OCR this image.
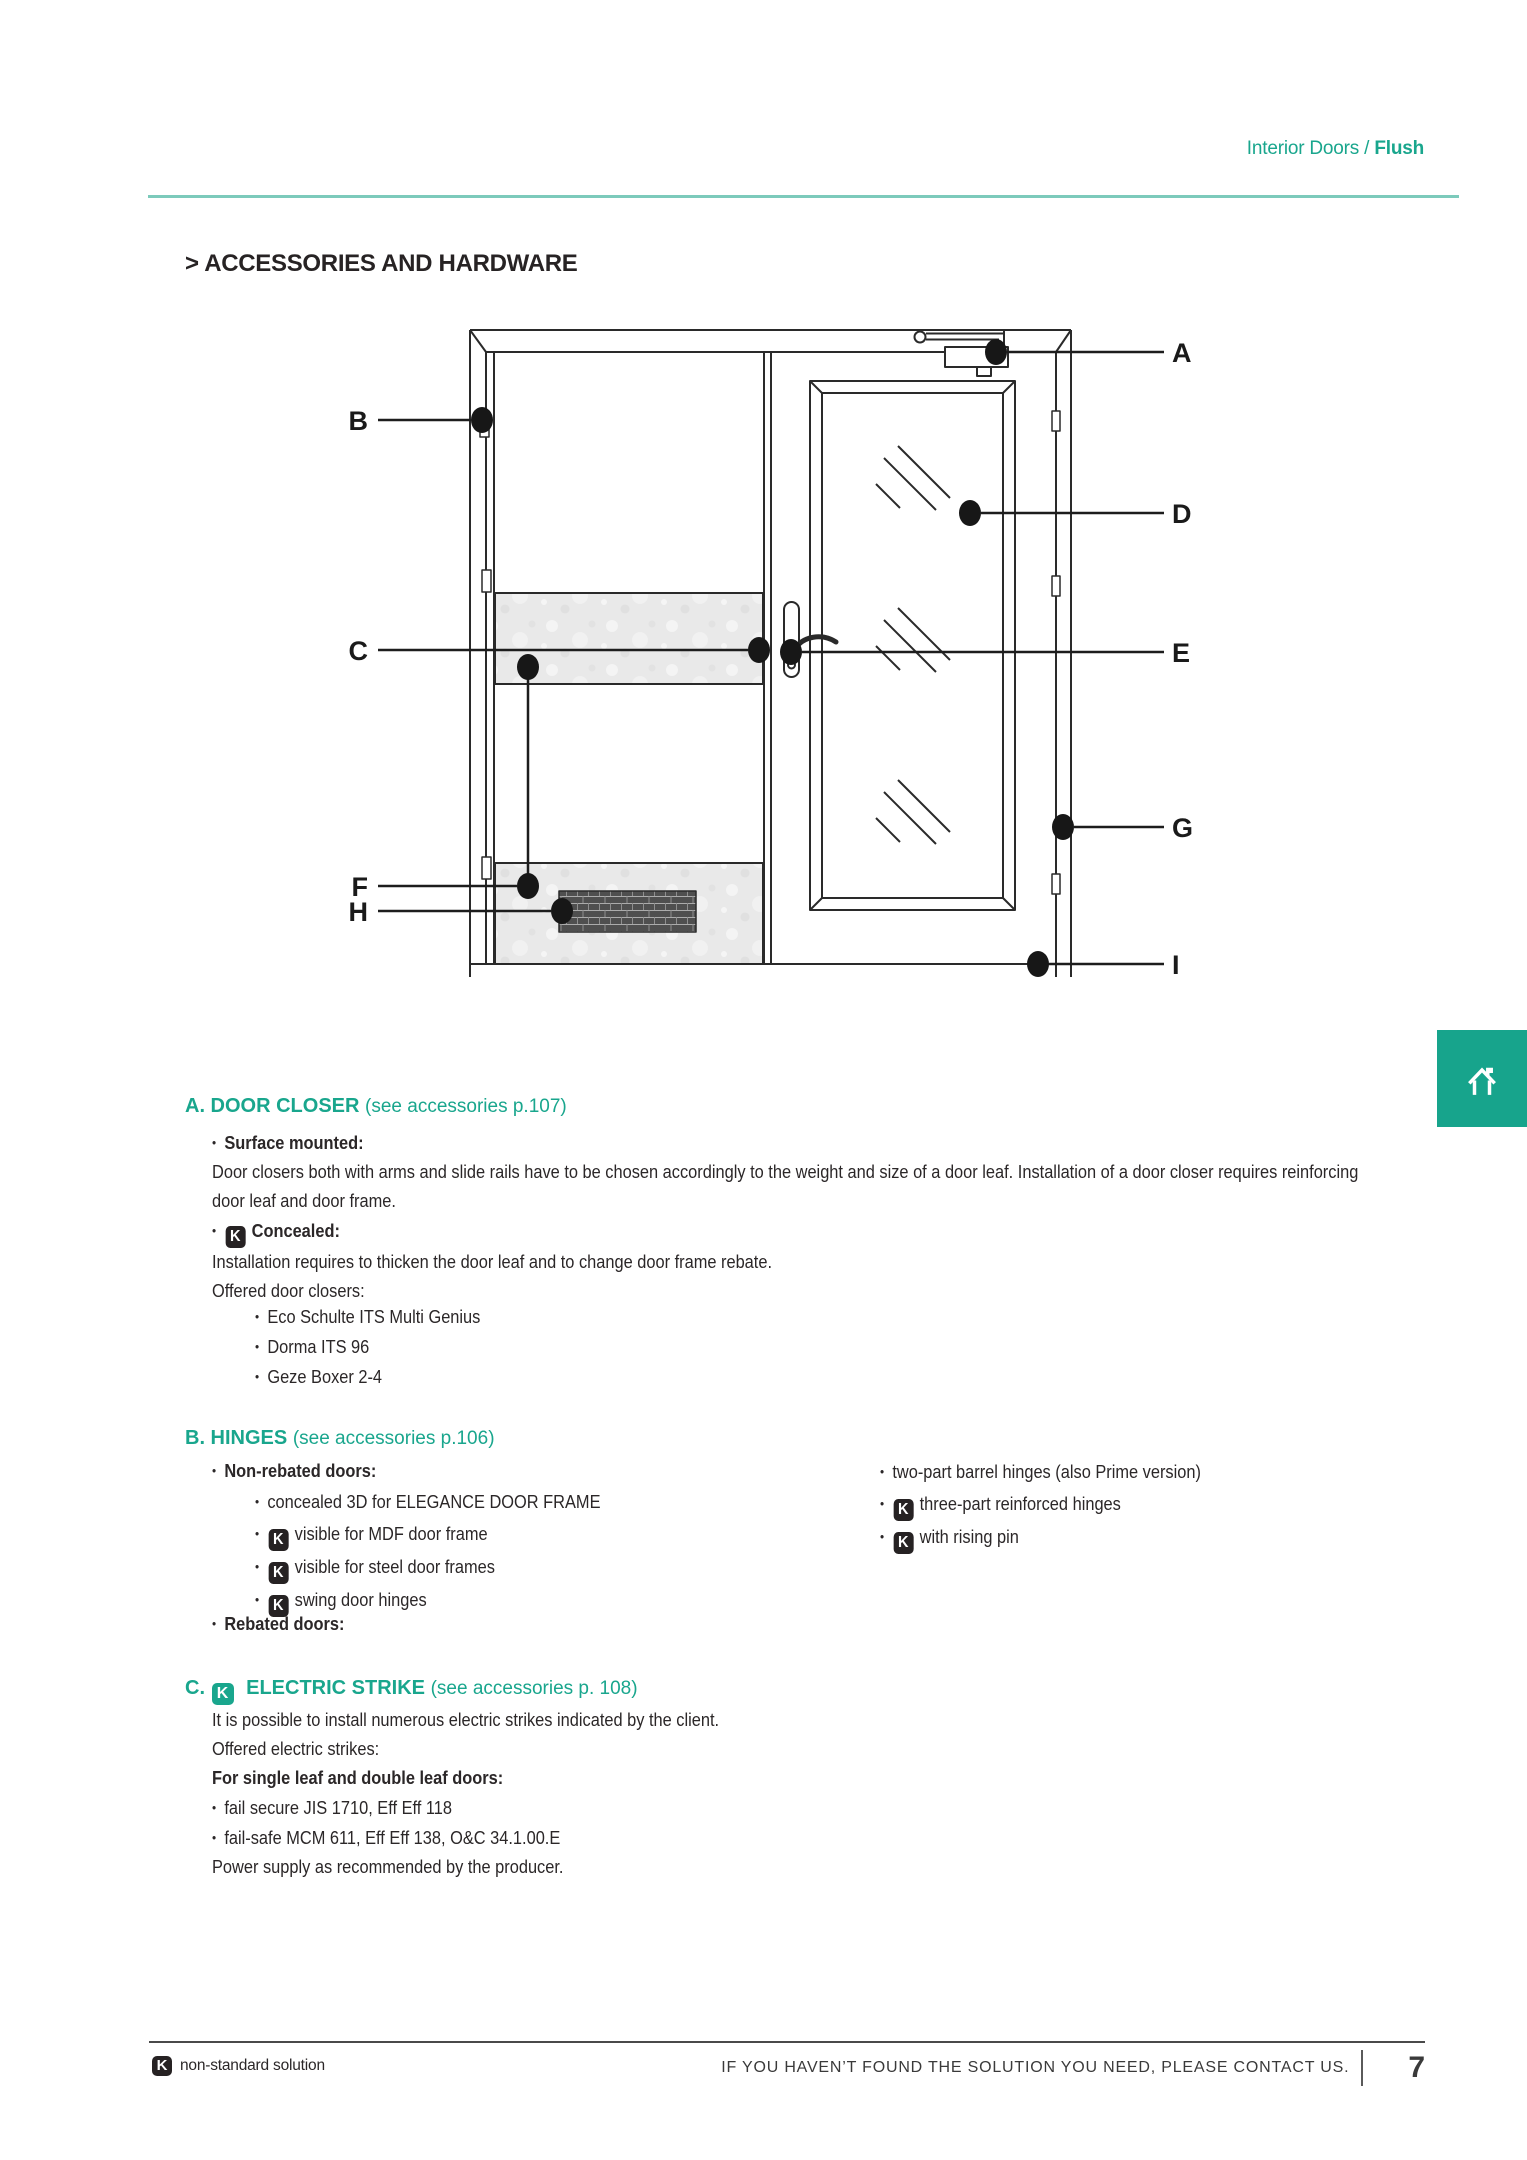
Interior Doors / Flush
> ACCESSORIES AND HARDWARE
A
B
C
D
E
F
G
H
I
A. DOOR CLOSER (see accessories p.107)
• Surface mounted:
Door closers both with arms and slide rails have to be chosen accordingly to the weight and size of a door leaf. Installation of a door closer requires reinforcing
door leaf and door frame.
• K Concealed:
Installation requires to thicken the door leaf and to change door frame rebate.
Offered door closers:
• Eco Schulte ITS Multi Genius
• Dorma ITS 96
• Geze Boxer 2-4
B. HINGES (see accessories p.106)
• Non-rebated doors:
• concealed 3D for ELEGANCE DOOR FRAME
• K visible for MDF door frame
• K visible for steel door frames
• K swing door hinges
• Rebated doors:
• two-part barrel hinges (also Prime version)
• K three-part reinforced hinges
• K with rising pin
C. K ELECTRIC STRIKE (see accessories p. 108)
It is possible to install numerous electric strikes indicated by the client.
Offered electric strikes:
For single leaf and double leaf doors:
• fail secure JIS 1710, Eff Eff 118
• fail-safe MCM 611, Eff Eff 138, O&C 34.1.00.E
Power supply as recommended by the producer.
K non-standard solution	IF YOU HAVEN’T FOUND THE SOLUTION YOU NEED, PLEASE CONTACT US. 7
